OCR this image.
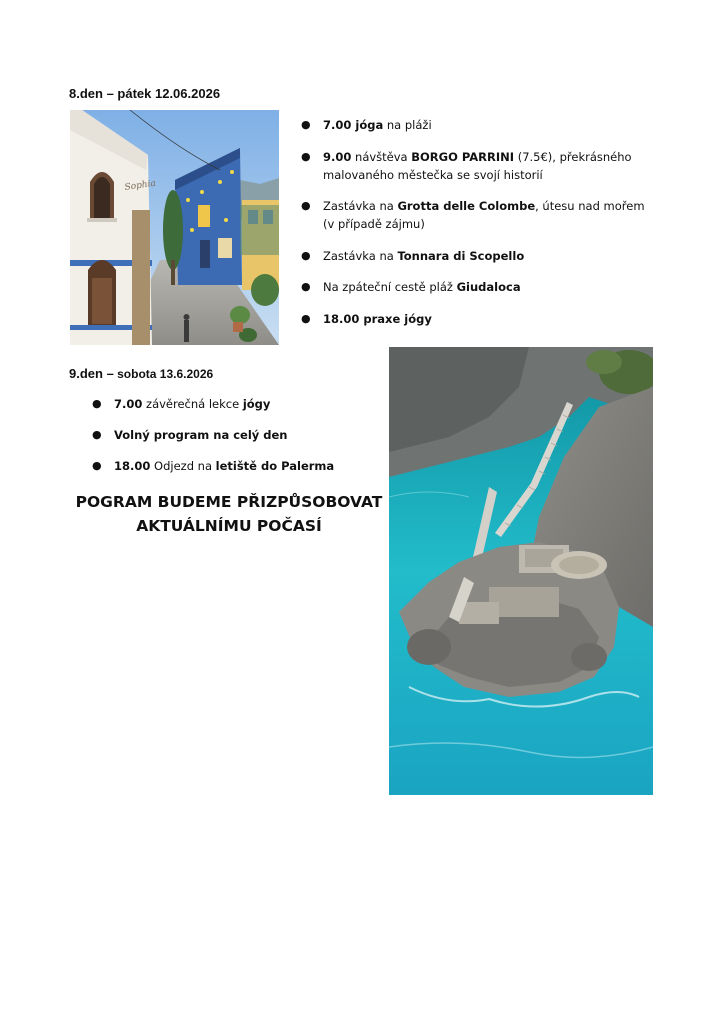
8.den – pátek 12.06.2026
Sophia
● 7.00 jóga na pláži
● 9.00 návštěva BORGO PARRINI (7.5€), překrásného malovaného městečka se svojí historií
● Zastávka na Grotta delle Colombe, útesu nad mořem (v případě zájmu)
● Zastávka na Tonnara di Scopello
● Na zpáteční cestě pláž Giudaloca
● 18.00 praxe jógy
9.den – sobota 13.6.2026
● 7.00 závěrečná lekce jógy
● Volný program na celý den
● 18.00 Odjezd na letiště do Palerma
POGRAM BUDEME PŘIZPŮSOBOVAT
AKTUÁLNÍMU POČASÍ
